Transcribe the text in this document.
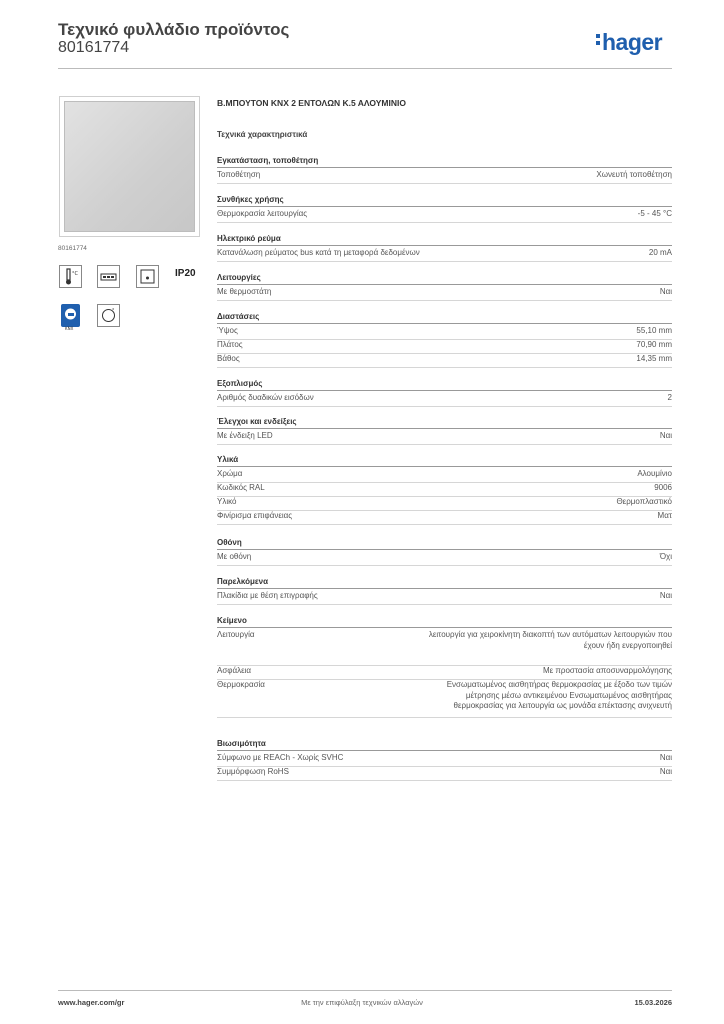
Τεχνικό φυλλάδιο προϊόντος
80161774	hager
80161774
°C	IP20
KNX
°
Β.ΜΠΟΥΤΟΝ KNX 2 ΕΝΤΟΛΩΝ Κ.5 ΑΛΟΥΜΙΝΙΟ
Τεχνικά χαρακτηριστικά
Εγκατάσταση, τοποθέτηση
Τοποθέτηση	Χωνευτή τοποθέτηση
Συνθήκες χρήσης
Θερμοκρασία λειτουργίας	-5 - 45 °C
Ηλεκτρικό ρεύμα
Κατανάλωση ρεύματος bus κατά τη μεταφορά δεδομένων	20 mA
Λειτουργίες
Με θερμοστάτη	Ναι
Διαστάσεις
Ύψος	55,10 mm
Πλάτος	70,90 mm
Βάθος	14,35 mm
Εξοπλισμός
Αριθμός δυαδικών εισόδων	2
Έλεγχοι και ενδείξεις
Με ένδειξη LED	Ναι
Υλικά
Χρώμα	Αλουμίνιο
Κωδικός RAL	9006
Υλικό	Θερμοπλαστικό
Φινίρισμα επιφάνειας	Ματ
Οθόνη
Με οθόνη	Όχι
Παρελκόμενα
Πλακίδια με θέση επιγραφής	Ναι
Κείμενο
Λειτουργία	λειτουργία για χειροκίνητη διακοπτή των αυτόματων λειτουργιών που έχουν ήδη ενεργοποιηθεί
Ασφάλεια	Με προστασία αποσυναρμολόγησης
Θερμοκρασία	Ενσωματωμένος αισθητήρας θερμοκρασίας με έξοδο των τιμών μέτρησης μέσω αντικειμένου Ενσωματωμένος αισθητήρας θερμοκρασίας για λειτουργία ως μονάδα επέκτασης ανιχνευτή
Βιωσιμότητα
Σύμφωνο με REACh - Χωρίς SVHC	Ναι
Συμμόρφωση RoHS	Ναι
www.hager.com/gr	Με την επιφύλαξη τεχνικών αλλαγών	15.03.2026
